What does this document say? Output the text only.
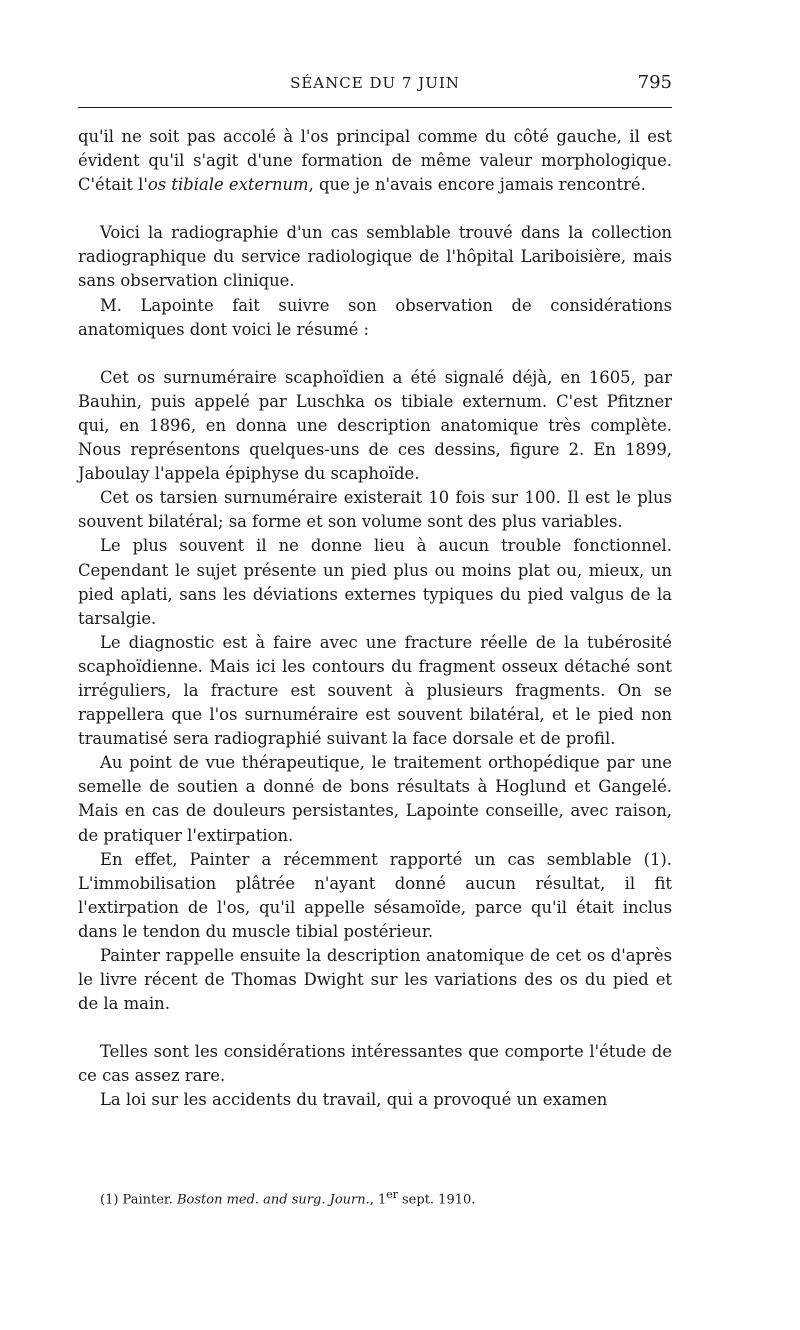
SÉANCE DU 7 JUIN	795

qu'il ne soit pas accolé à l'os principal comme du côté gauche, il est évident qu'il s'agit d'une formation de même valeur morphologique. C'était l'os tibiale externum, que je n'avais encore jamais rencontré.

Voici la radiographie d'un cas semblable trouvé dans la collection radiographique du service radiologique de l'hôpital Lariboisière, mais sans observation clinique.

M. Lapointe fait suivre son observation de considérations anatomiques dont voici le résumé :

Cet os surnuméraire scaphoïdien a été signalé déjà, en 1605, par Bauhin, puis appelé par Luschka os tibiale externum. C'est Pfitzner qui, en 1896, en donna une description anatomique très complète. Nous représentons quelques-uns de ces dessins, figure 2. En 1899, Jaboulay l'appela épiphyse du scaphoïde.

Cet os tarsien surnuméraire existerait 10 fois sur 100. Il est le plus souvent bilatéral; sa forme et son volume sont des plus variables.

Le plus souvent il ne donne lieu à aucun trouble fonctionnel. Cependant le sujet présente un pied plus ou moins plat ou, mieux, un pied aplati, sans les déviations externes typiques du pied valgus de la tarsalgie.

Le diagnostic est à faire avec une fracture réelle de la tubérosité scaphoïdienne. Mais ici les contours du fragment osseux détaché sont irréguliers, la fracture est souvent à plusieurs fragments. On se rappellera que l'os surnuméraire est souvent bilatéral, et le pied non traumatisé sera radiographié suivant la face dorsale et de profil.

Au point de vue thérapeutique, le traitement orthopédique par une semelle de soutien a donné de bons résultats à Hoglund et Gangelé. Mais en cas de douleurs persistantes, Lapointe conseille, avec raison, de pratiquer l'extirpation.

En effet, Painter a récemment rapporté un cas semblable (1). L'immobilisation plâtrée n'ayant donné aucun résultat, il fit l'extirpation de l'os, qu'il appelle sésamoïde, parce qu'il était inclus dans le tendon du muscle tibial postérieur.

Painter rappelle ensuite la description anatomique de cet os d'après le livre récent de Thomas Dwight sur les variations des os du pied et de la main.

Telles sont les considérations intéressantes que comporte l'étude de ce cas assez rare.

La loi sur les accidents du travail, qui a provoqué un examen

(1) Painter. Boston med. and surg. Journ., 1er sept. 1910.
